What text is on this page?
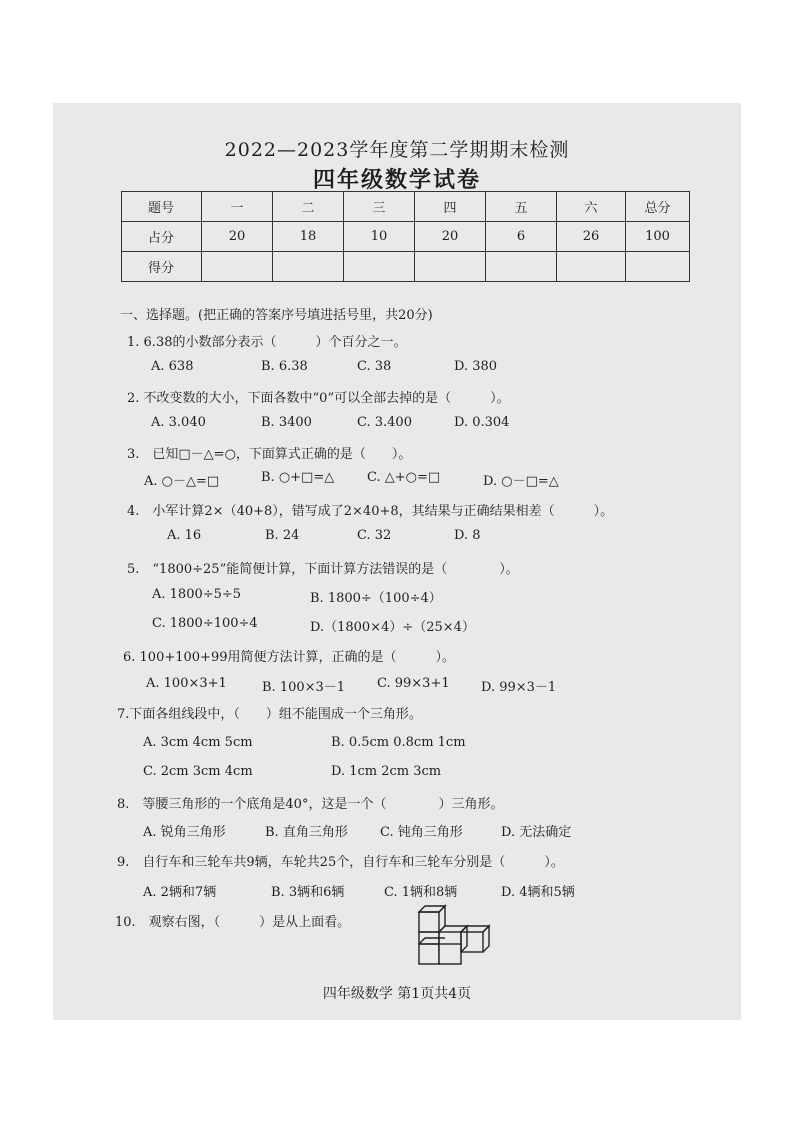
2022—2023学年度第二学期期末检测
四年级数学试卷
题号	一	二	三	四	五	六	总分
占分	20	18	10	20	6	26	100
得分							
一、选择题。(把正确的答案序号填进括号里，共20分)
1. 6.38的小数部分表示（　　　）个百分之一。
A. 638	B. 6.38	C. 38	D. 380
2. 不改变数的大小，下面各数中“0”可以全部去掉的是（　　　）。
A. 3.040	B. 3400	C. 3.400	D. 0.304
3.　已知□－△=○，下面算式正确的是（　　）。
A. ○－△=□	B. ○+□=△	C. △+○=□	D. ○－□=△
4.　小军计算2×（40+8），错写成了2×40+8，其结果与正确结果相差（　　　）。
A. 16	B. 24	C. 32	D. 8
5.　“1800÷25”能简便计算，下面计算方法错误的是（　　　　）。
A. 1800÷5÷5	B. 1800÷（100÷4）
C. 1800÷100÷4	D.（1800×4）÷（25×4）
6. 100+100+99用简便方法计算，正确的是（　　　）。
A. 100×3+1	B. 100×3－1 C. 99×3+1 D. 99×3－1
7.下面各组线段中，（　　）组不能围成一个三角形。
A. 3cm 4cm 5cm	B. 0.5cm 0.8cm 1cm
C. 2cm 3cm 4cm	D. 1cm 2cm 3cm
8.　等腰三角形的一个底角是40°，这是一个（　　　　）三角形。
A. 锐角三角形	B. 直角三角形 C. 钝角三角形	D. 无法确定
9.　自行车和三轮车共9辆，车轮共25个，自行车和三轮车分别是（　　　）。
A. 2辆和7辆	B. 3辆和6辆	C. 1辆和8辆	D. 4辆和5辆
10.　观察右图，（　　　）是从上面看。
四年级数学 第1页共4页
